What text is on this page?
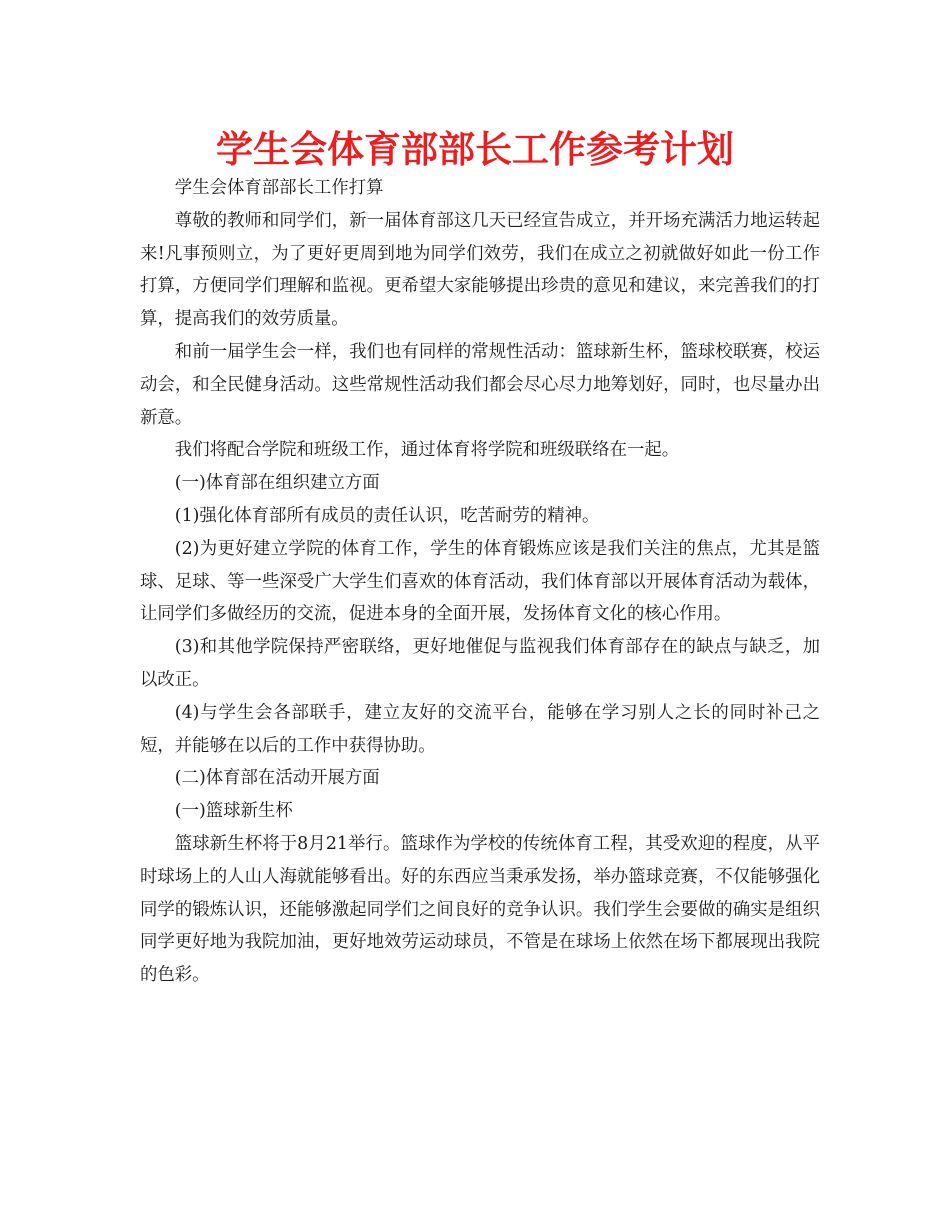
学生会体育部部长工作参考计划

学生会体育部部长工作打算

尊敬的教师和同学们，新一届体育部这几天已经宣告成立，并开场充满活力地运转起来!凡事预则立，为了更好更周到地为同学们效劳，我们在成立之初就做好如此一份工作打算，方便同学们理解和监视。更希望大家能够提出珍贵的意见和建议，来完善我们的打算，提高我们的效劳质量。

和前一届学生会一样，我们也有同样的常规性活动：篮球新生杯，篮球校联赛，校运动会，和全民健身活动。这些常规性活动我们都会尽心尽力地筹划好，同时，也尽量办出新意。

我们将配合学院和班级工作，通过体育将学院和班级联络在一起。

(一)体育部在组织建立方面

(1)强化体育部所有成员的责任认识，吃苦耐劳的精神。

(2)为更好建立学院的体育工作，学生的体育锻炼应该是我们关注的焦点，尤其是篮球、足球、等一些深受广大学生们喜欢的体育活动，我们体育部以开展体育活动为载体，让同学们多做经历的交流，促进本身的全面开展，发扬体育文化的核心作用。

(3)和其他学院保持严密联络，更好地催促与监视我们体育部存在的缺点与缺乏，加以改正。

(4)与学生会各部联手，建立友好的交流平台，能够在学习别人之长的同时补己之短，并能够在以后的工作中获得协助。

(二)体育部在活动开展方面

(一)篮球新生杯

篮球新生杯将于8月21举行。篮球作为学校的传统体育工程，其受欢迎的程度，从平时球场上的人山人海就能够看出。好的东西应当秉承发扬，举办篮球竞赛，不仅能够强化同学的锻炼认识，还能够激起同学们之间良好的竞争认识。我们学生会要做的确实是组织同学更好地为我院加油，更好地效劳运动球员，不管是在球场上依然在场下都展现出我院的色彩。
